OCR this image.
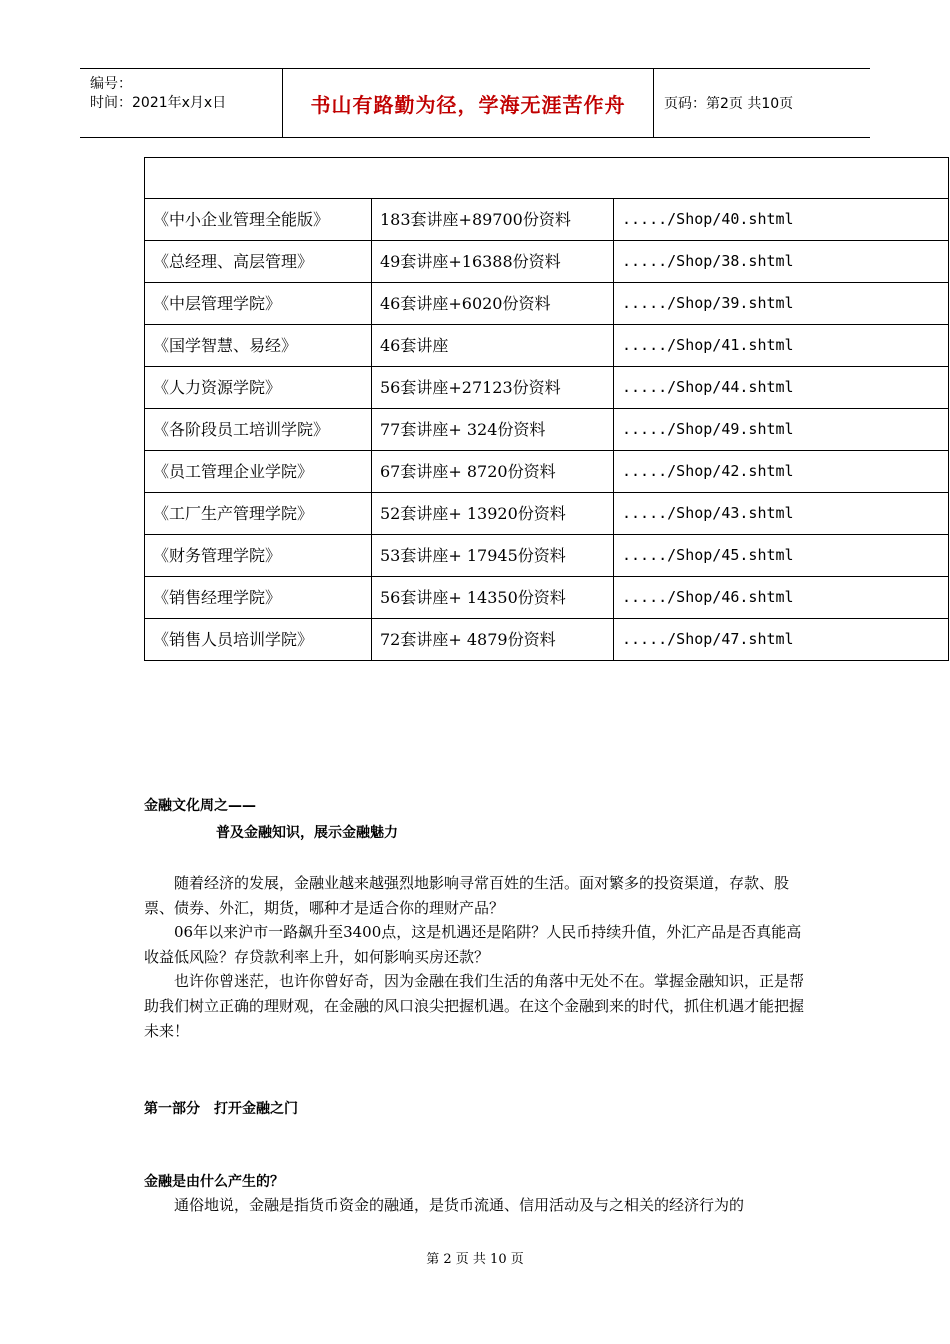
编号：
时间：2021年x月x日	书山有路勤为径，学海无涯苦作舟	页码：第2页 共10页

《中小企业管理全能版》	183套讲座+89700份资料	...../Shop/40.shtml
《总经理、高层管理》	49套讲座+16388份资料	...../Shop/38.shtml
《中层管理学院》	46套讲座+6020份资料	...../Shop/39.shtml
《国学智慧、易经》	46套讲座	...../Shop/41.shtml
《人力资源学院》	56套讲座+27123份资料	...../Shop/44.shtml
《各阶段员工培训学院》	77套讲座+ 324份资料	...../Shop/49.shtml
《员工管理企业学院》	67套讲座+ 8720份资料	...../Shop/42.shtml
《工厂生产管理学院》	52套讲座+ 13920份资料	...../Shop/43.shtml
《财务管理学院》	53套讲座+ 17945份资料	...../Shop/45.shtml
《销售经理学院》	56套讲座+ 14350份资料	...../Shop/46.shtml
《销售人员培训学院》	72套讲座+ 4879份资料	...../Shop/47.shtml
金融文化周之——
普及金融知识，展示金融魅力

随着经济的发展，金融业越来越强烈地影响寻常百姓的生活。面对繁多的投资渠道，存款、股票、债券、外汇，期货，哪种才是适合你的理财产品？

06年以来沪市一路飙升至3400点，这是机遇还是陷阱？人民币持续升值，外汇产品是否真能高收益低风险？存贷款利率上升，如何影响买房还款？

也许你曾迷茫，也许你曾好奇，因为金融在我们生活的角落中无处不在。掌握金融知识，正是帮助我们树立正确的理财观，在金融的风口浪尖把握机遇。在这个金融到来的时代，抓住机遇才能把握未来！

第一部分　打开金融之门
金融是由什么产生的？

通俗地说，金融是指货币资金的融通，是货币流通、信用活动及与之相关的经济行为的

第 2 页 共 10 页
